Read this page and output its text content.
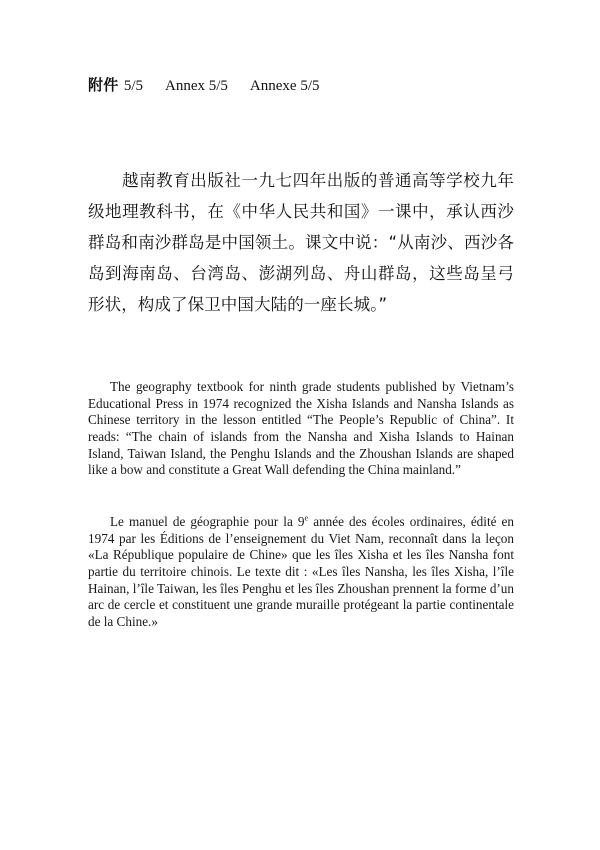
附件 5/5 Annex 5/5 Annexe 5/5

越南教育出版社一九七四年出版的普通高等学校九年级地理教科书，在《中华人民共和国》一课中，承认西沙群岛和南沙群岛是中国领土。课文中说：“从南沙、西沙各岛到海南岛、台湾岛、澎湖列岛、舟山群岛，这些岛呈弓形状，构成了保卫中国大陆的一座长城。”

The geography textbook for ninth grade students published by Vietnam’s Educational Press in 1974 recognized the Xisha Islands and Nansha Islands as Chinese territory in the lesson entitled “The People’s Republic of China”. It reads: “The chain of islands from the Nansha and Xisha Islands to Hainan Island, Taiwan Island, the Penghu Islands and the Zhoushan Islands are shaped like a bow and constitute a Great Wall defending the China mainland.”

Le manuel de géographie pour la 9e année des écoles ordinaires, édité en 1974 par les Éditions de l’enseignement du Viet Nam, reconnaît dans la leçon «La République populaire de Chine» que les îles Xisha et les îles Nansha font partie du territoire chinois. Le texte dit : «Les îles Nansha, les îles Xisha, l’île Hainan, l’île Taiwan, les îles Penghu et les îles Zhoushan prennent la forme d’un arc de cercle et constituent une grande muraille protégeant la partie continentale de la Chine.»
